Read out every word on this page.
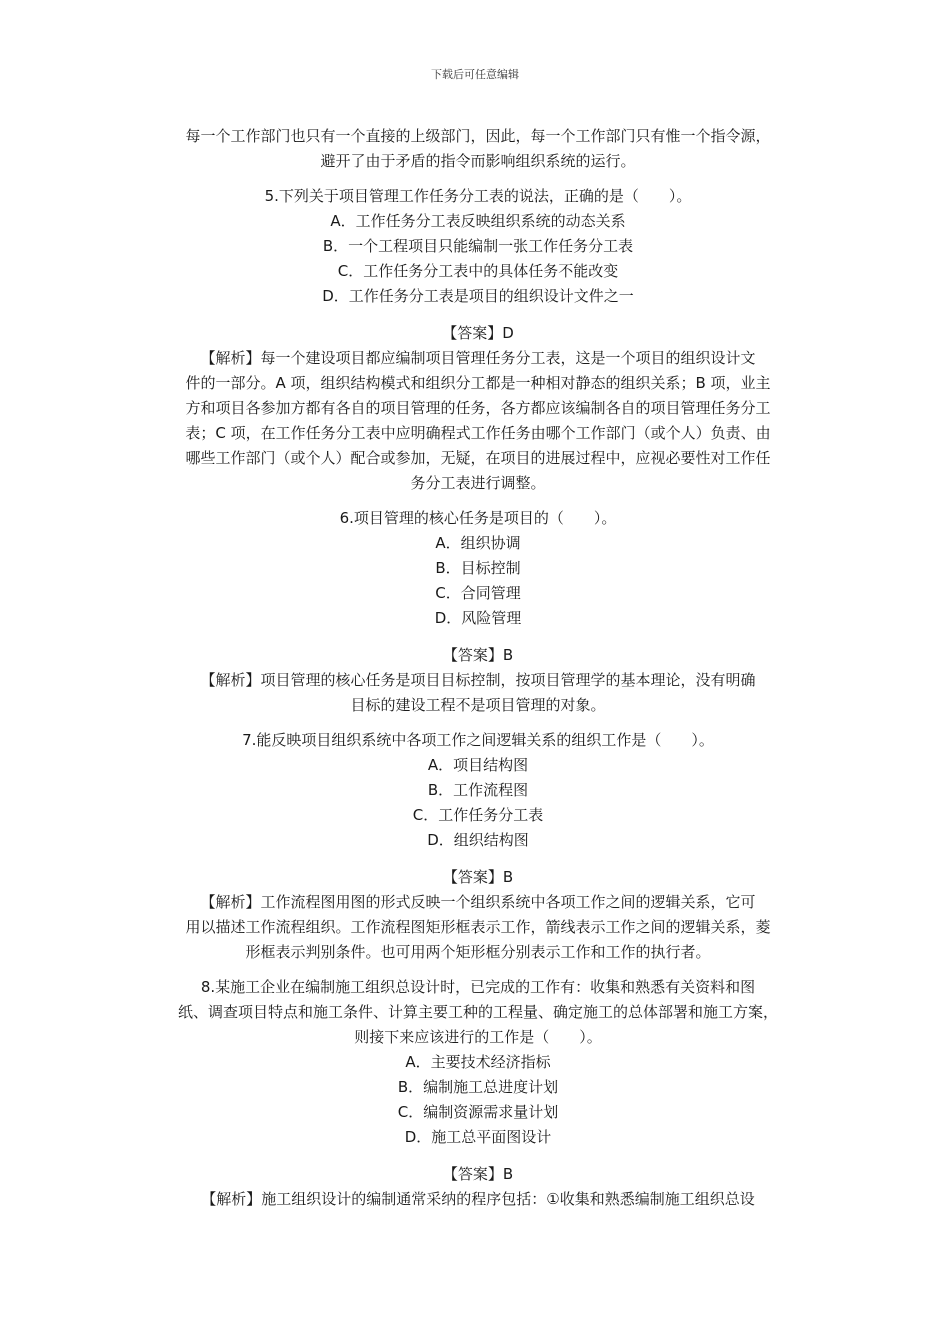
下载后可任意编辑

每一个工作部门也只有一个直接的上级部门，因此，每一个工作部门只有惟一个指令源，

避开了由于矛盾的指令而影响组织系统的运行。

5.下列关于项目管理工作任务分工表的说法，正确的是（　　）。

A．工作任务分工表反映组织系统的动态关系

B．一个工程项目只能编制一张工作任务分工表

C．工作任务分工表中的具体任务不能改变

D．工作任务分工表是项目的组织设计文件之一

【答案】D

【解析】每一个建设项目都应编制项目管理任务分工表，这是一个项目的组织设计文

件的一部分。A 项，组织结构模式和组织分工都是一种相对静态的组织关系；B 项，业主

方和项目各参加方都有各自的项目管理的任务，各方都应该编制各自的项目管理任务分工

表；C 项，在工作任务分工表中应明确程式工作任务由哪个工作部门（或个人）负责、由

哪些工作部门（或个人）配合或参加，无疑，在项目的进展过程中，应视必要性对工作任

务分工表进行调整。

6.项目管理的核心任务是项目的（　　）。

A．组织协调

B．目标控制

C．合同管理

D．风险管理

【答案】B

【解析】项目管理的核心任务是项目目标控制，按项目管理学的基本理论，没有明确

目标的建设工程不是项目管理的对象。

7.能反映项目组织系统中各项工作之间逻辑关系的组织工作是（　　）。

A．项目结构图

B．工作流程图

C．工作任务分工表

D．组织结构图

【答案】B

【解析】工作流程图用图的形式反映一个组织系统中各项工作之间的逻辑关系，它可

用以描述工作流程组织。工作流程图矩形框表示工作，箭线表示工作之间的逻辑关系，菱

形框表示判别条件。也可用两个矩形框分别表示工作和工作的执行者。

8.某施工企业在编制施工组织总设计时，已完成的工作有：收集和熟悉有关资料和图

纸、调查项目特点和施工条件、计算主要工种的工程量、确定施工的总体部署和施工方案，

则接下来应该进行的工作是（　　）。

A．主要技术经济指标

B．编制施工总进度计划

C．编制资源需求量计划

D．施工总平面图设计

【答案】B

【解析】施工组织设计的编制通常采纳的程序包括：①收集和熟悉编制施工组织总设
